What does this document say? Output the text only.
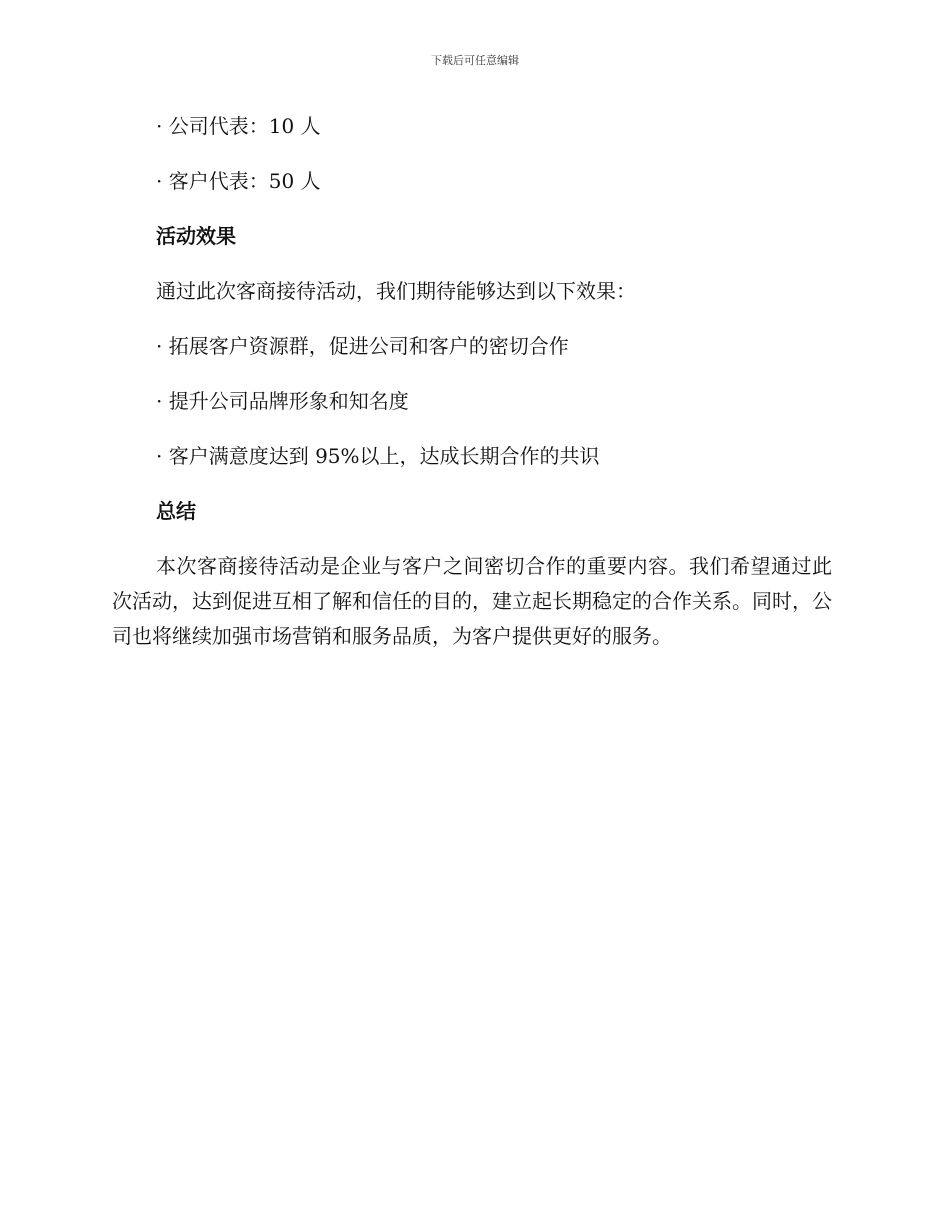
下载后可任意编辑
· 公司代表：10 人
· 客户代表：50 人
活动效果
通过此次客商接待活动，我们期待能够达到以下效果：
· 拓展客户资源群，促进公司和客户的密切合作
· 提升公司品牌形象和知名度
· 客户满意度达到 95%以上，达成长期合作的共识
总结

本次客商接待活动是企业与客户之间密切合作的重要内容。我们希望通过此次活动，达到促进互相了解和信任的目的，建立起长期稳定的合作关系。同时，公司也将继续加强市场营销和服务品质，为客户提供更好的服务。
